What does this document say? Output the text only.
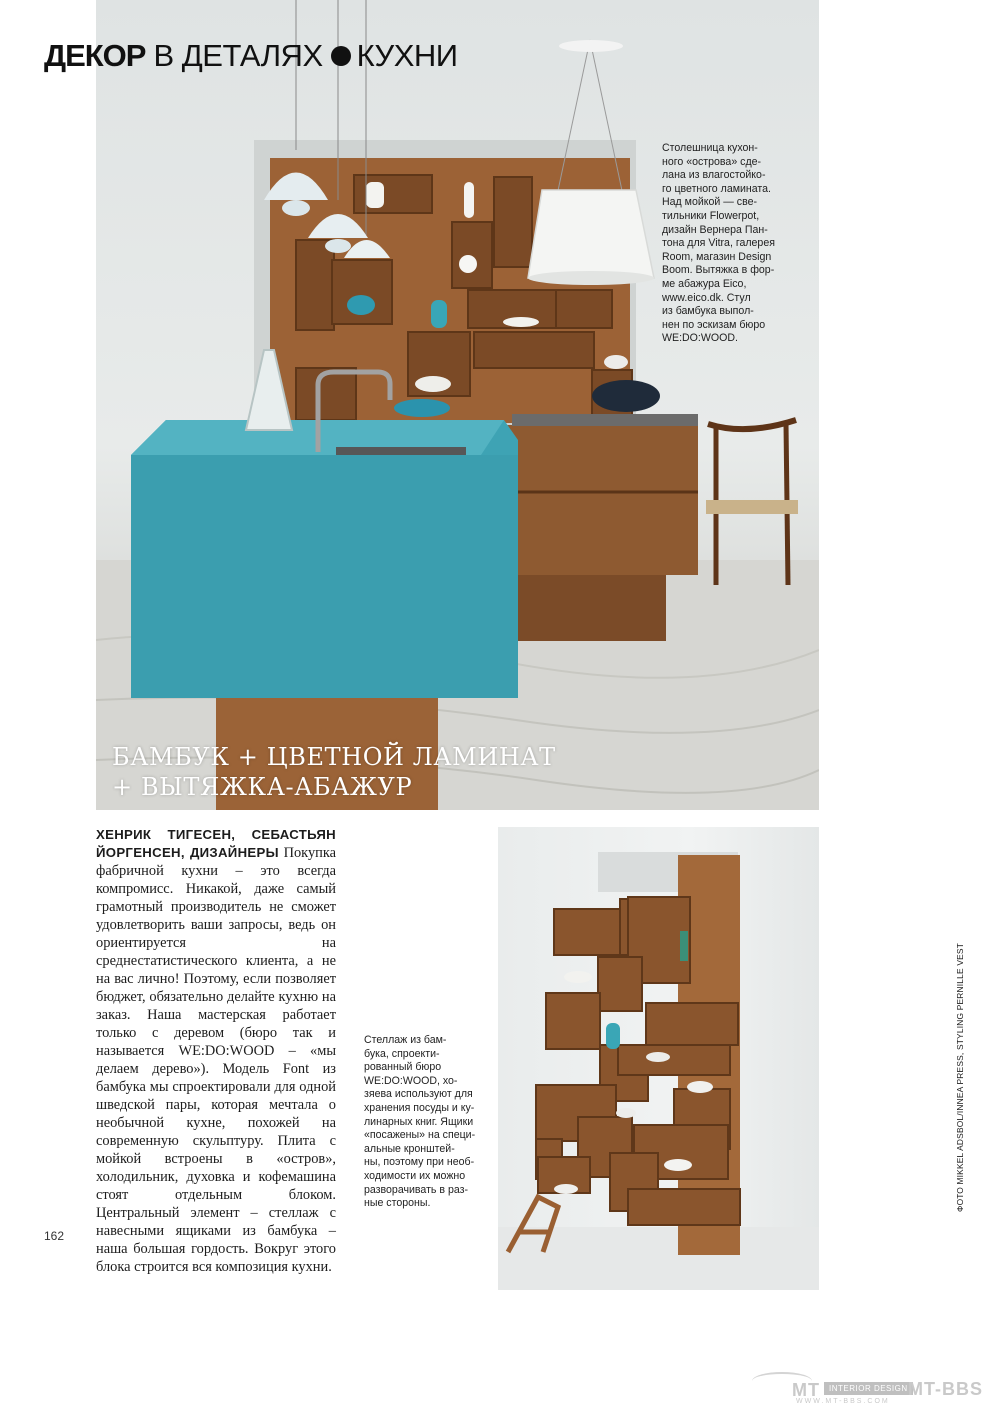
ДЕКОР В ДЕТАЛЯХ КУХНИ
Столешница кухон-
ного «острова» сде-
лана из влагостойко-
го цветного ламината.
Над мойкой — све-
тильники Flowerpot,
дизайн Вернера Пан-
тона для Vitra, галерея
Room, магазин Design
Boom. Вытяжка в фор-
ме абажура Eico,
www.eico.dk. Стул
из бамбука выпол-
нен по эскизам бюро
WE:DO:WOOD.
БАМБУК + ЦВЕТНОЙ ЛАМИНАТ
+ ВЫТЯЖКА-АБАЖУР
ХЕНРИК ТИГЕСЕН, СЕБАСТЬЯН ЙОРГЕНСЕН, ДИЗАЙНЕРЫ Покупка фабричной кухни – это всегда компромисс. Никакой, даже самый грамотный производитель не сможет удовлетворить ваши запросы, ведь он ориентируется на среднестатистического клиента, а не на вас лично! Поэтому, если позволяет бюджет, обязательно делайте кухню на заказ. Наша мастерская работает только с деревом (бюро так и называется WE:DO:WOOD – «мы делаем дерево»). Модель Font из бамбука мы спроектировали для одной шведской пары, которая мечтала о необычной кухне, похожей на современную скульптуру. Плита с мойкой встроены в «остров», холодильник, духовка и кофемашина стоят отдельным блоком. Центральный элемент – стеллаж с навесными ящиками из бамбука – наша большая гордость. Вокруг этого блока строится вся композиция кухни.
Стеллаж из бам-
бука, спроекти-
рованный бюро
WE:DO:WOOD, хо-
зяева используют для
хранения посуды и ку-
линарных книг. Ящики
«посажены» на специ-
альные кронштей-
ны, поэтому при необ-
ходимости их можно
разворачивать в раз-
ные стороны.	ФОТО MIKKEL ADSBOL/INNEA PRESS, STYLING PERNILLE VEST
162
MT	INTERIOR DESIGN MT-BBS
WWW.MT-BBS.COM
